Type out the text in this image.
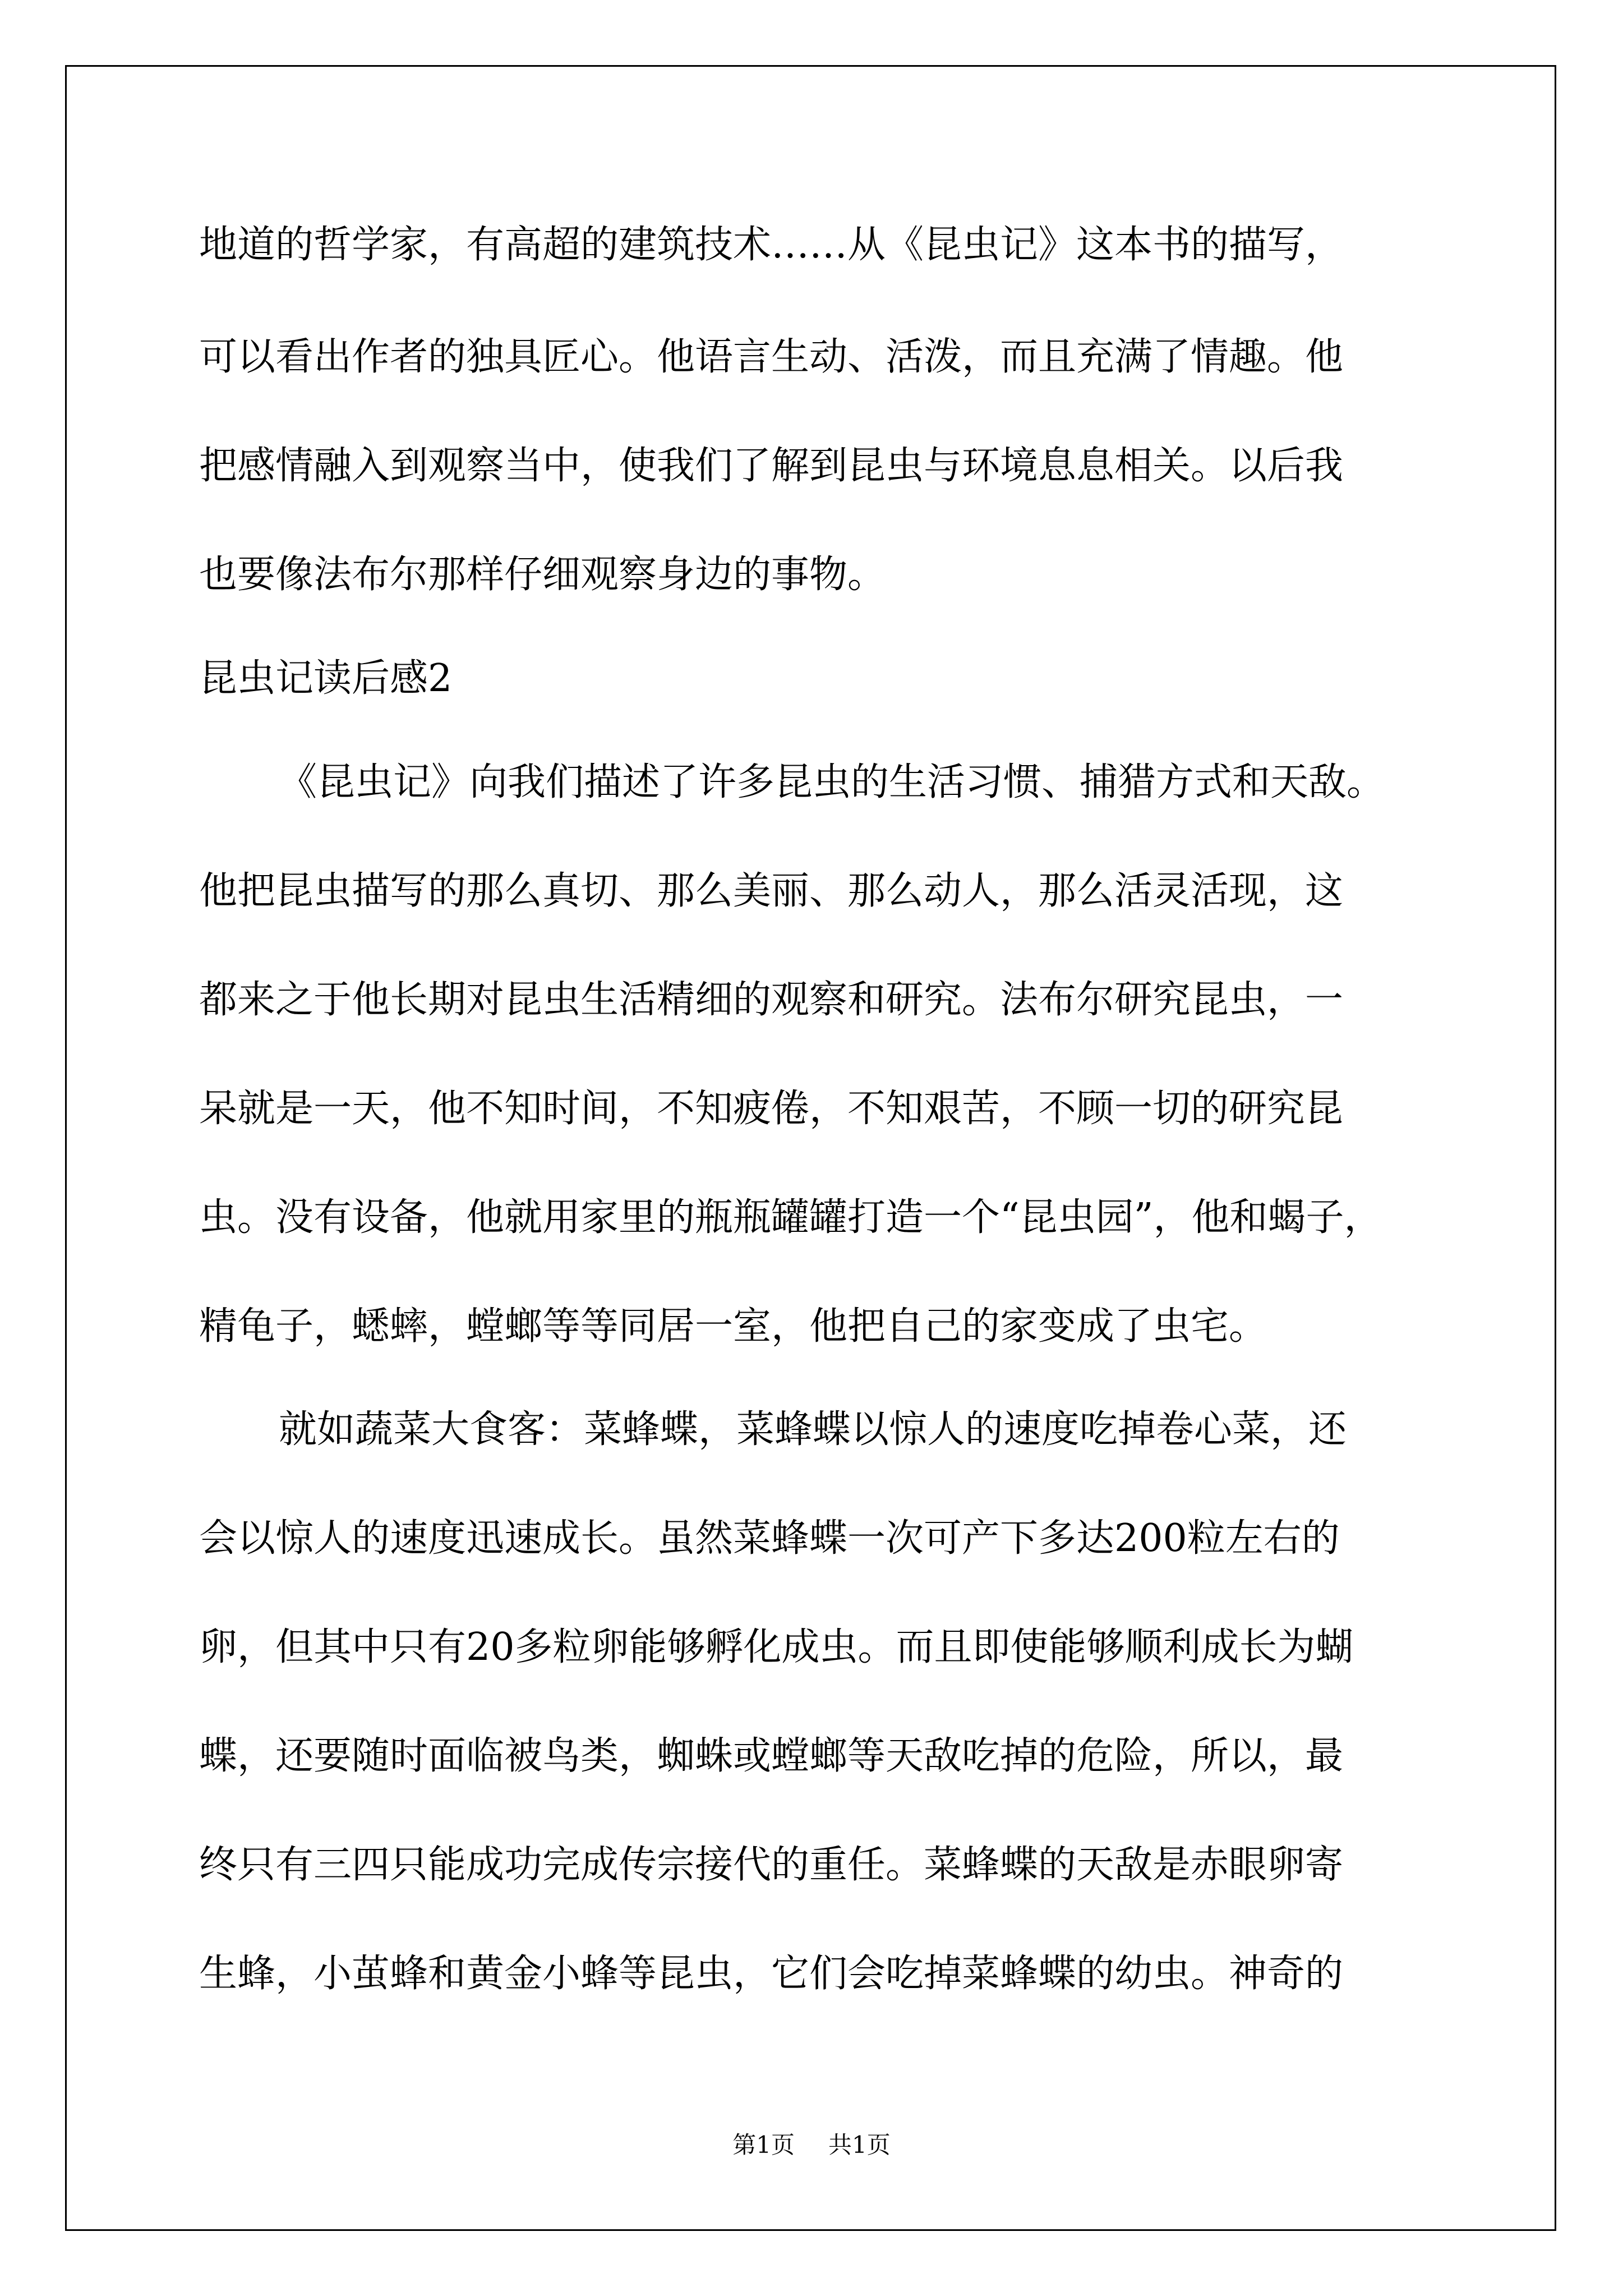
地道的哲学家，有高超的建筑技术……从《昆虫记》这本书的描写，
可以看出作者的独具匠心。他语言生动、活泼，而且充满了情趣。他
把感情融入到观察当中，使我们了解到昆虫与环境息息相关。以后我
也要像法布尔那样仔细观察身边的事物。
昆虫记读后感2
《昆虫记》向我们描述了许多昆虫的生活习惯、捕猎方式和天敌。
他把昆虫描写的那么真切、那么美丽、那么动人，那么活灵活现，这
都来之于他长期对昆虫生活精细的观察和研究。法布尔研究昆虫，一
呆就是一天，他不知时间，不知疲倦，不知艰苦，不顾一切的研究昆
虫。没有设备，他就用家里的瓶瓶罐罐打造一个“昆虫园”，他和蝎子，
精龟子，蟋蟀，螳螂等等同居一室，他把自己的家变成了虫宅。
就如蔬菜大食客：菜蜂蝶，菜蜂蝶以惊人的速度吃掉卷心菜，还
会以惊人的速度迅速成长。虽然菜蜂蝶一次可产下多达200粒左右的
卵，但其中只有20多粒卵能够孵化成虫。而且即使能够顺利成长为蝴
蝶，还要随时面临被鸟类，蜘蛛或螳螂等天敌吃掉的危险，所以，最
终只有三四只能成功完成传宗接代的重任。菜蜂蝶的天敌是赤眼卵寄
生蜂，小茧蜂和黄金小蜂等昆虫，它们会吃掉菜蜂蝶的幼虫。神奇的
第1页 共1页
